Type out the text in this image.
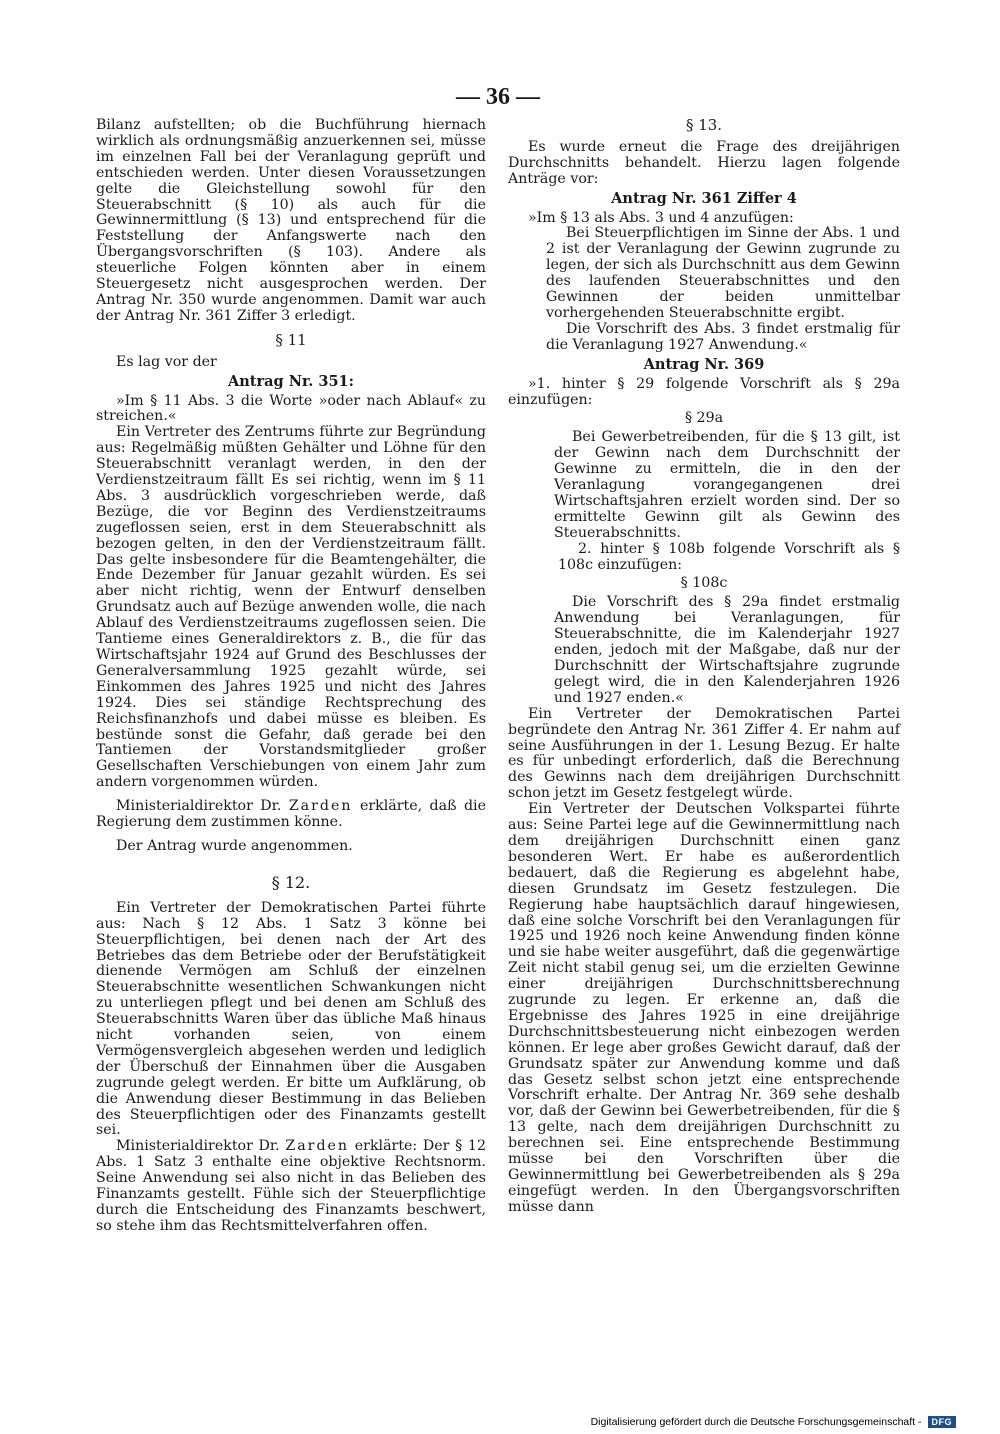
— 36 —

Bilanz aufstellten; ob die Buchführung hiernach wirklich als ordnungsmäßig anzuerkennen sei, müsse im einzelnen Fall bei der Veranlagung geprüft und entschieden werden. Unter diesen Voraussetzungen gelte die Gleichstellung sowohl für den Steuerabschnitt (§ 10) als auch für die Gewinnermittlung (§ 13) und entsprechend für die Feststellung der Anfangswerte nach den Übergangsvorschriften (§ 103). Andere als steuerliche Folgen könnten aber in einem Steuergesetz nicht ausgesprochen werden. Der Antrag Nr. 350 wurde angenommen. Damit war auch der Antrag Nr. 361 Ziffer 3 erledigt.

§ 11

Es lag vor der

Antrag Nr. 351:

»Im § 11 Abs. 3 die Worte »oder nach Ablauf« zu streichen.«

Ein Vertreter des Zentrums führte zur Begründung aus: Regelmäßig müßten Gehälter und Löhne für den Steuerabschnitt veranlagt werden, in den der Verdienstzeitraum fällt Es sei richtig, wenn im § 11 Abs. 3 ausdrücklich vorgeschrieben werde, daß Bezüge, die vor Beginn des Verdienstzeitraums zugeflossen seien, erst in dem Steuerabschnitt als bezogen gelten, in den der Verdienstzeitraum fällt. Das gelte insbesondere für die Beamtengehälter, die Ende Dezember für Januar gezahlt würden. Es sei aber nicht richtig, wenn der Entwurf denselben Grundsatz auch auf Bezüge anwenden wolle, die nach Ablauf des Verdienstzeitraums zugeflossen seien. Die Tantieme eines Generaldirektors z. B., die für das Wirtschaftsjahr 1924 auf Grund des Beschlusses der Generalversammlung 1925 gezahlt würde, sei Einkommen des Jahres 1925 und nicht des Jahres 1924. Dies sei ständige Rechtsprechung des Reichsfinanzhofs und dabei müsse es bleiben. Es bestünde sonst die Gefahr, daß gerade bei den Tantiemen der Vorstandsmitglieder großer Gesellschaften Verschiebungen von einem Jahr zum andern vorgenommen würden.

Ministerialdirektor Dr. Zarden erklärte, daß die Regierung dem zustimmen könne.

Der Antrag wurde angenommen.

§ 12.

Ein Vertreter der Demokratischen Partei führte aus: Nach § 12 Abs. 1 Satz 3 könne bei Steuerpflichtigen, bei denen nach der Art des Betriebes das dem Betriebe oder der Berufstätigkeit dienende Vermögen am Schluß der einzelnen Steuerabschnitte wesentlichen Schwankungen nicht zu unterliegen pflegt und bei denen am Schluß des Steuerabschnitts Waren über das übliche Maß hinaus nicht vorhanden seien, von einem Vermögensvergleich abgesehen werden und lediglich der Überschuß der Einnahmen über die Ausgaben zugrunde gelegt werden. Er bitte um Aufklärung, ob die Anwendung dieser Bestimmung in das Belieben des Steuerpflichtigen oder des Finanzamts gestellt sei.

Ministerialdirektor Dr. Zarden erklärte: Der § 12 Abs. 1 Satz 3 enthalte eine objektive Rechtsnorm. Seine Anwendung sei also nicht in das Belieben des Finanzamts gestellt. Fühle sich der Steuerpflichtige durch die Entscheidung des Finanzamts beschwert, so stehe ihm das Rechtsmittelverfahren offen.

§ 13.

Es wurde erneut die Frage des dreijährigen Durchschnitts behandelt. Hierzu lagen folgende Anträge vor:

Antrag Nr. 361 Ziffer 4

»Im § 13 als Abs. 3 und 4 anzufügen:

Bei Steuerpflichtigen im Sinne der Abs. 1 und 2 ist der Veranlagung der Gewinn zugrunde zu legen, der sich als Durchschnitt aus dem Gewinn des laufenden Steuerabschnittes und den Gewinnen der beiden unmittelbar vorhergehenden Steuerabschnitte ergibt.

Die Vorschrift des Abs. 3 findet erstmalig für die Veranlagung 1927 Anwendung.«

Antrag Nr. 369

»1. hinter § 29 folgende Vorschrift als § 29a einzufügen:

§ 29a

Bei Gewerbetreibenden, für die § 13 gilt, ist der Gewinn nach dem Durchschnitt der Gewinne zu ermitteln, die in den der Veranlagung vorangegangenen drei Wirtschaftsjahren erzielt worden sind. Der so ermittelte Gewinn gilt als Gewinn des Steuerabschnitts.

2. hinter § 108b folgende Vorschrift als § 108c einzufügen:

§ 108c

Die Vorschrift des § 29a findet erstmalig Anwendung bei Veranlagungen, für Steuerabschnitte, die im Kalenderjahr 1927 enden, jedoch mit der Maßgabe, daß nur der Durchschnitt der Wirtschaftsjahre zugrunde gelegt wird, die in den Kalenderjahren 1926 und 1927 enden.«

Ein Vertreter der Demokratischen Partei begründete den Antrag Nr. 361 Ziffer 4. Er nahm auf seine Ausführungen in der 1. Lesung Bezug. Er halte es für unbedingt erforderlich, daß die Berechnung des Gewinns nach dem dreijährigen Durchschnitt schon jetzt im Gesetz festgelegt würde.

Ein Vertreter der Deutschen Volkspartei führte aus: Seine Partei lege auf die Gewinnermittlung nach dem dreijährigen Durchschnitt einen ganz besonderen Wert. Er habe es außerordentlich bedauert, daß die Regierung es abgelehnt habe, diesen Grundsatz im Gesetz festzulegen. Die Regierung habe hauptsächlich darauf hingewiesen, daß eine solche Vorschrift bei den Veranlagungen für 1925 und 1926 noch keine Anwendung finden könne und sie habe weiter ausgeführt, daß die gegenwärtige Zeit nicht stabil genug sei, um die erzielten Gewinne einer dreijährigen Durchschnittsberechnung zugrunde zu legen. Er erkenne an, daß die Ergebnisse des Jahres 1925 in eine dreijährige Durchschnittsbesteuerung nicht einbezogen werden können. Er lege aber großes Gewicht darauf, daß der Grundsatz später zur Anwendung komme und daß das Gesetz selbst schon jetzt eine entsprechende Vorschrift erhalte. Der Antrag Nr. 369 sehe deshalb vor, daß der Gewinn bei Gewerbetreibenden, für die § 13 gelte, nach dem dreijährigen Durchschnitt zu berechnen sei. Eine entsprechende Bestimmung müsse bei den Vorschriften über die Gewinnermittlung bei Gewerbetreibenden als § 29a eingefügt werden. In den Übergangsvorschriften müsse dann

Digitalisierung gefördert durch die Deutsche Forschungsgemeinschaft - DFG
